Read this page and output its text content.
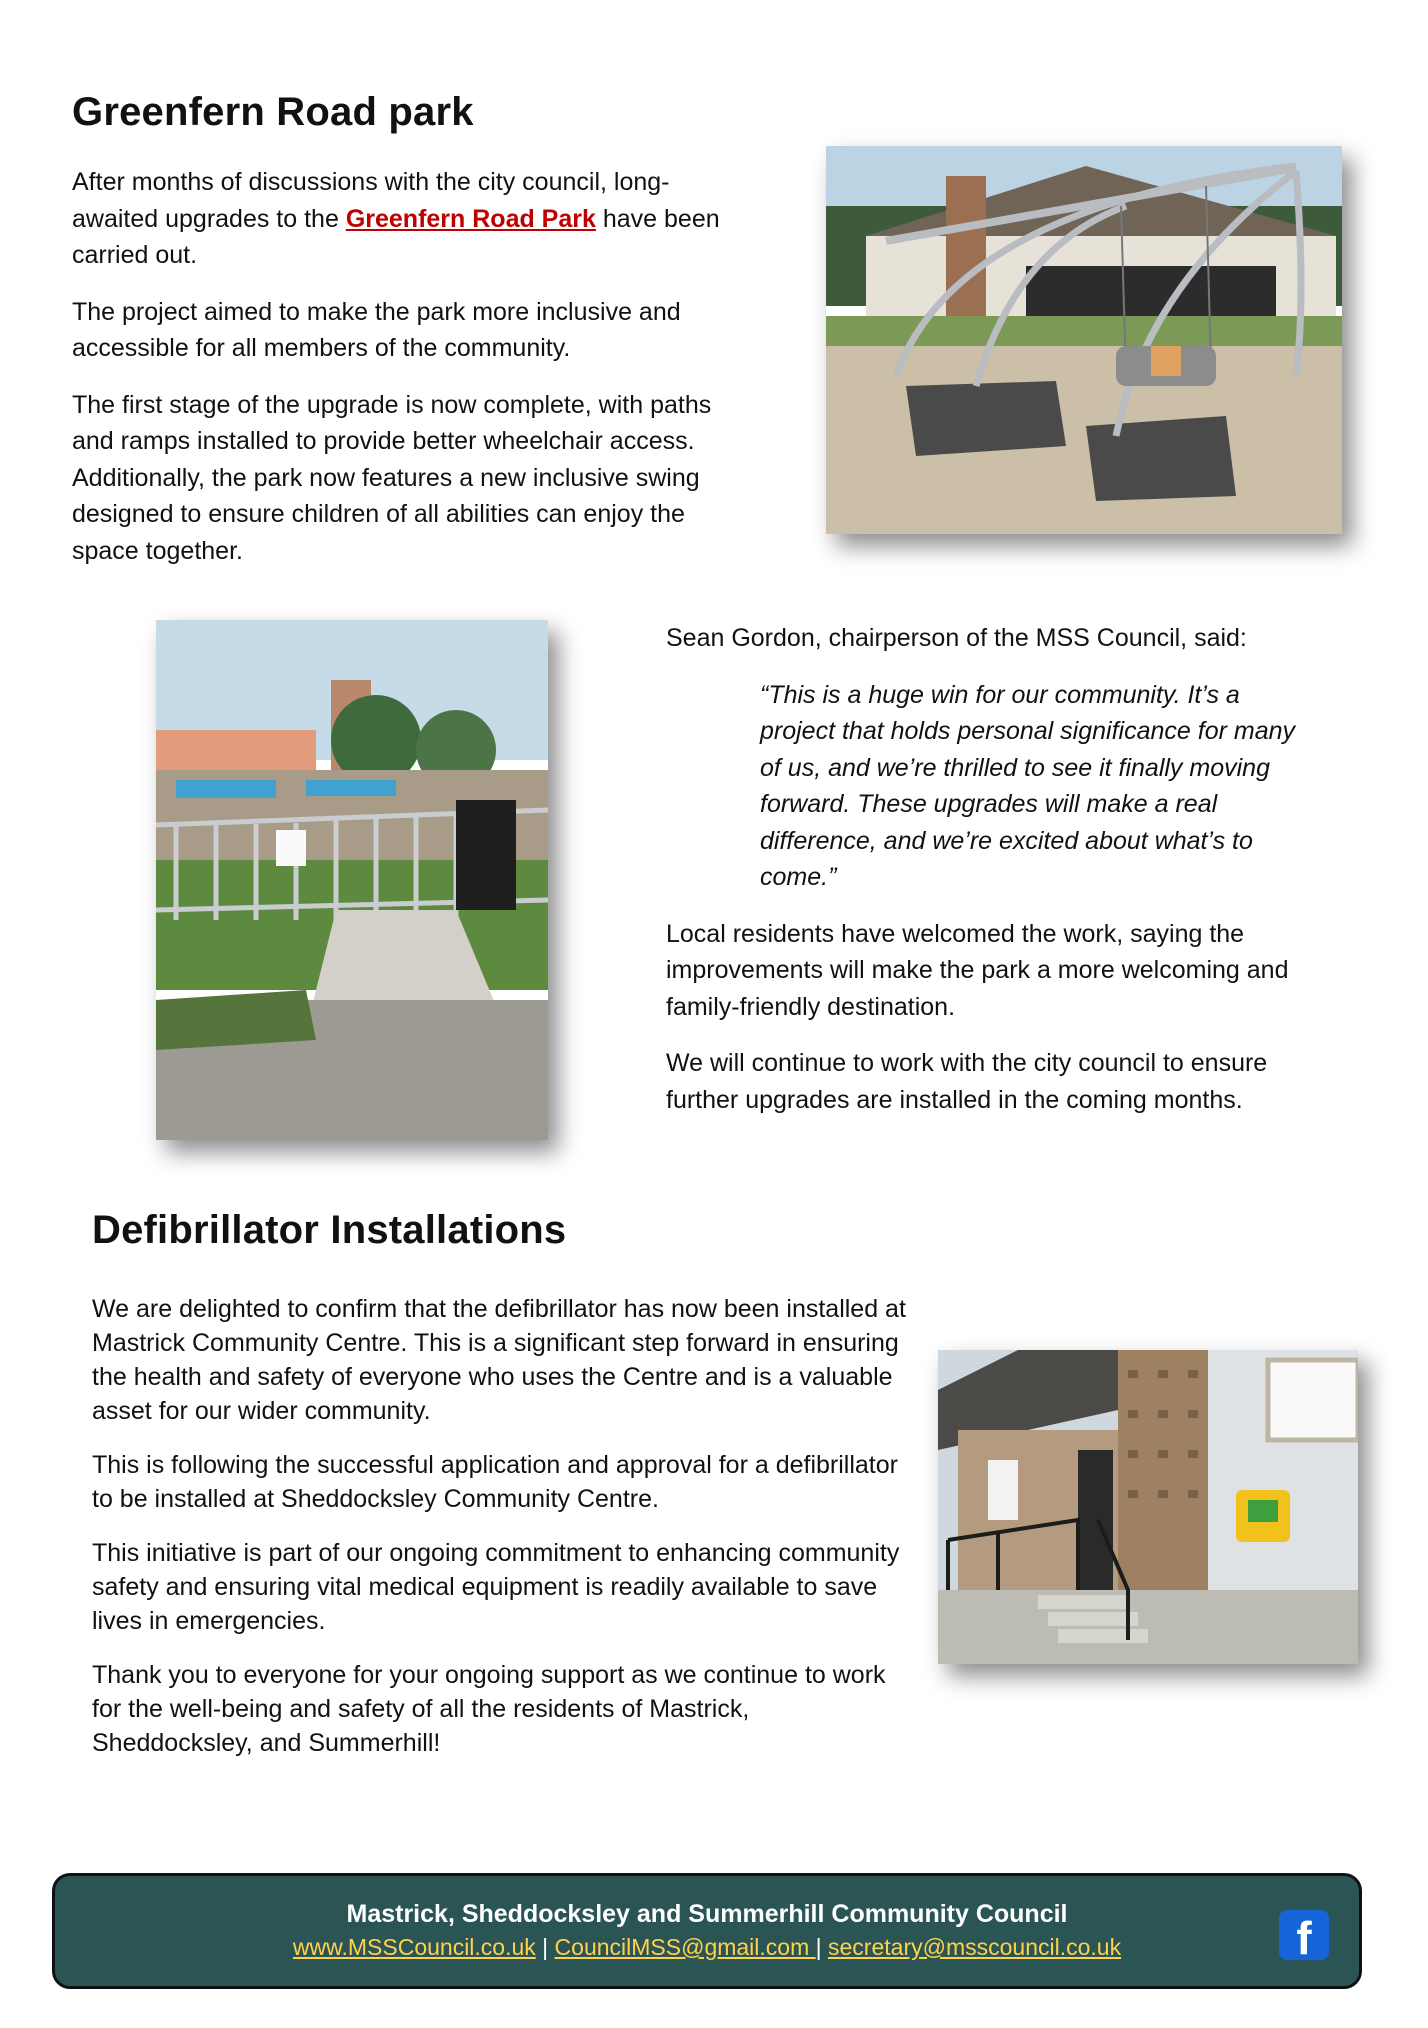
Greenfern Road park

After months of discussions with the city council, long-awaited upgrades to the Greenfern Road Park have been carried out.

The project aimed to make the park more inclusive and accessible for all members of the community.

The first stage of the upgrade is now complete, with paths and ramps installed to provide better wheelchair access. Additionally, the park now features a new inclusive swing designed to ensure children of all abilities can enjoy the space together.

Sean Gordon, chairperson of the MSS Council, said:

“This is a huge win for our community. It’s a project that holds personal significance for many of us, and we’re thrilled to see it finally moving forward. These upgrades will make a real difference, and we’re excited about what’s to come.”

Local residents have welcomed the work, saying the improvements will make the park a more welcoming and family-friendly destination.

We will continue to work with the city council to ensure further upgrades are installed in the coming months.

Defibrillator Installations

We are delighted to confirm that the defibrillator has now been installed at Mastrick Community Centre. This is a significant step forward in ensuring the health and safety of everyone who uses the Centre and is a valuable asset for our wider community.

This is following the successful application and approval for a defibrillator to be installed at Sheddocksley Community Centre.

This initiative is part of our ongoing commitment to enhancing community safety and ensuring vital medical equipment is readily available to save lives in emergencies.

Thank you to everyone for your ongoing support as we continue to work for the well-being and safety of all the residents of Mastrick, Sheddocksley, and Summerhill!

Mastrick, Sheddocksley and Summerhill Community Council
www.MSSCouncil.co.uk | CouncilMSS@gmail.com | secretary@msscouncil.co.uk	f
